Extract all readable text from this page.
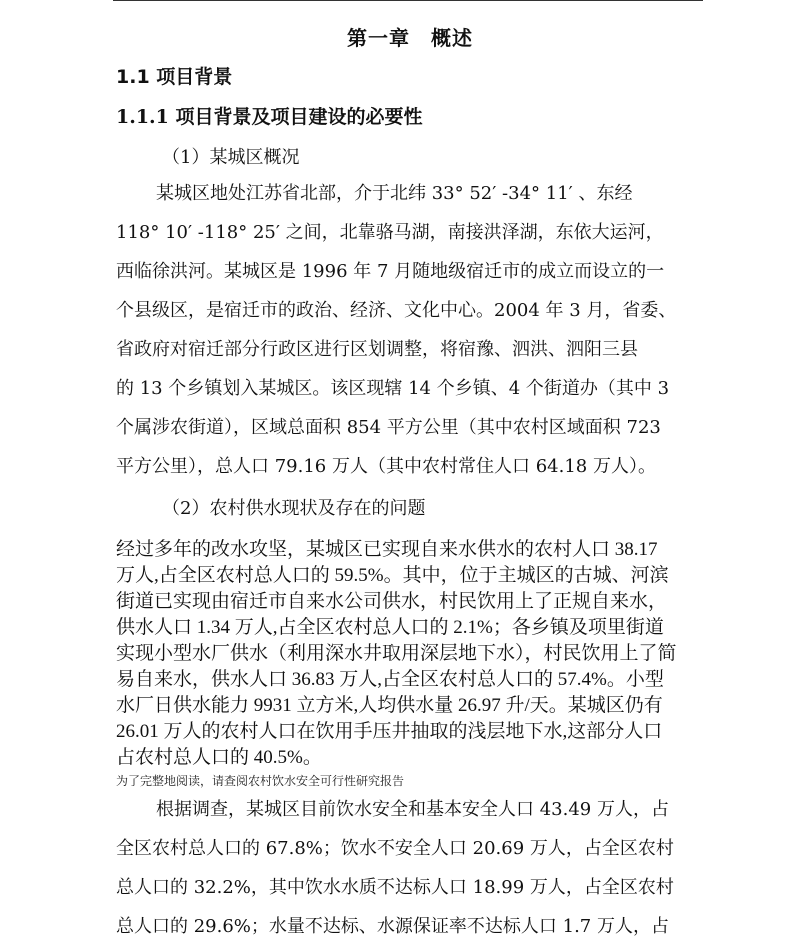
第一章　概述
1.1 项目背景
1.1.1 项目背景及项目建设的必要性
（1）某城区概况
某城区地处江苏省北部，介于北纬 33° 52′ -34° 11′ 、东经
118° 10′ -118° 25′ 之间，北靠骆马湖，南接洪泽湖，东依大运河，
西临徐洪河。某城区是 1996 年 7 月随地级宿迁市的成立而设立的一
个县级区，是宿迁市的政治、经济、文化中心。2004 年 3 月，省委、
省政府对宿迁部分行政区进行区划调整，将宿豫、泗洪、泗阳三县
的 13 个乡镇划入某城区。该区现辖 14 个乡镇、4 个街道办（其中 3
个属涉农街道），区域总面积 854 平方公里（其中农村区域面积 723
平方公里），总人口 79.16 万人（其中农村常住人口 64.18 万人）。
（2）农村供水现状及存在的问题
经过多年的改水攻坚，某城区已实现自来水供水的农村人口 38.17
万人,占全区农村总人口的 59.5%。其中，位于主城区的古城、河滨
街道已实现由宿迁市自来水公司供水，村民饮用上了正规自来水，
供水人口 1.34 万人,占全区农村总人口的 2.1%；各乡镇及项里街道
实现小型水厂供水（利用深水井取用深层地下水），村民饮用上了简
易自来水，供水人口 36.83 万人,占全区农村总人口的 57.4%。小型
水厂日供水能力 9931 立方米,人均供水量 26.97 升/天。某城区仍有
26.01 万人的农村人口在饮用手压井抽取的浅层地下水,这部分人口
占农村总人口的 40.5%。
为了完整地阅读，请查阅农村饮水安全可行性研究报告
根据调查，某城区目前饮水安全和基本安全人口 43.49 万人，占
全区农村总人口的 67.8%；饮水不安全人口 20.69 万人，占全区农村
总人口的 32.2%，其中饮水水质不达标人口 18.99 万人，占全区农村
总人口的 29.6%；水量不达标、水源保证率不达标人口 1.7 万人，占
